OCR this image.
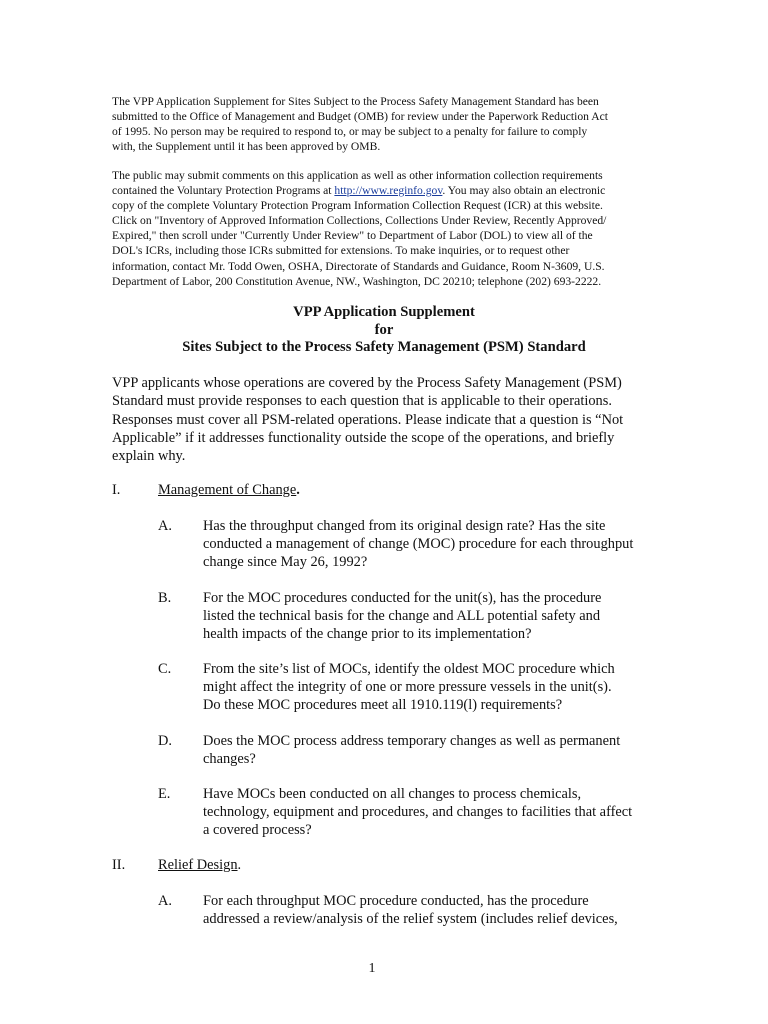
The VPP Application Supplement for Sites Subject to the Process Safety Management Standard has been
submitted to the Office of Management and Budget (OMB) for review under the Paperwork Reduction Act
of 1995. No person may be required to respond to, or may be subject to a penalty for failure to comply
with, the Supplement until it has been approved by OMB.
The public may submit comments on this application as well as other information collection requirements
contained the Voluntary Protection Programs at http://www.reginfo.gov. You may also obtain an electronic
copy of the complete Voluntary Protection Program Information Collection Request (ICR) at this website.
Click on "Inventory of Approved Information Collections, Collections Under Review, Recently Approved/
Expired," then scroll under "Currently Under Review" to Department of Labor (DOL) to view all of the
DOL's ICRs, including those ICRs submitted for extensions. To make inquiries, or to request other
information, contact Mr. Todd Owen, OSHA, Directorate of Standards and Guidance, Room N-3609, U.S.
Department of Labor, 200 Constitution Avenue, NW., Washington, DC 20210; telephone (202) 693-2222.
VPP Application Supplement
for
Sites Subject to the Process Safety Management (PSM) Standard
VPP applicants whose operations are covered by the Process Safety Management (PSM)
Standard must provide responses to each question that is applicable to their operations.
Responses must cover all PSM-related operations. Please indicate that a question is “Not
Applicable” if it addresses functionality outside the scope of the operations, and briefly
explain why.
I.	Management of Change.
A. Has the throughput changed from its original design rate? Has the site
conducted a management of change (MOC) procedure for each throughput
change since May 26, 1992?
B. For the MOC procedures conducted for the unit(s), has the procedure
listed the technical basis for the change and ALL potential safety and
health impacts of the change prior to its implementation?
C. From the site’s list of MOCs, identify the oldest MOC procedure which
might affect the integrity of one or more pressure vessels in the unit(s).
Do these MOC procedures meet all 1910.119(l) requirements?
D. Does the MOC process address temporary changes as well as permanent
changes?
E. Have MOCs been conducted on all changes to process chemicals,
technology, equipment and procedures, and changes to facilities that affect
a covered process?
II. Relief Design.
A. For each throughput MOC procedure conducted, has the procedure
addressed a review/analysis of the relief system (includes relief devices,
1
